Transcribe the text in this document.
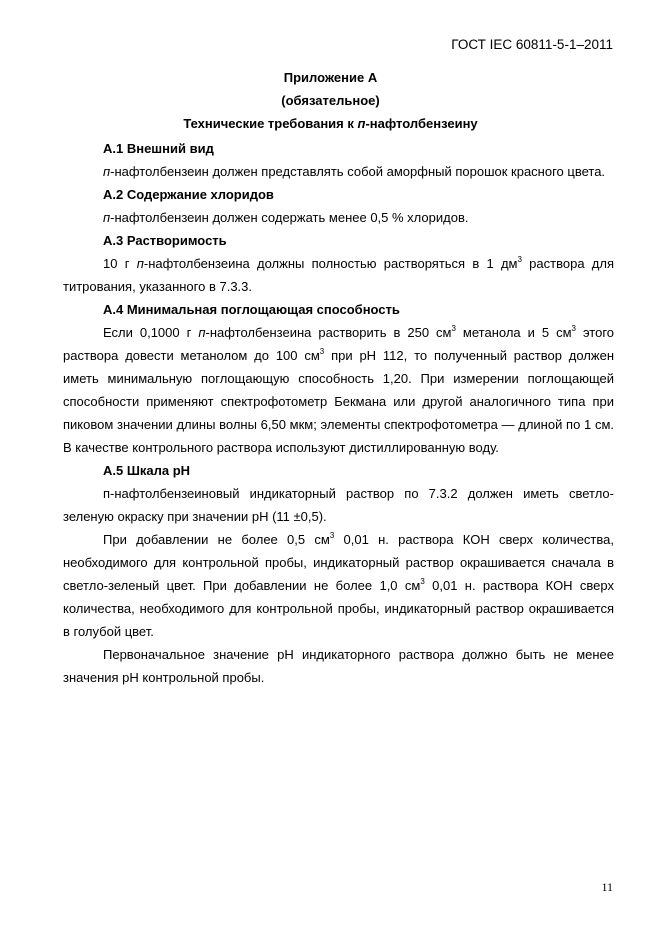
ГОСТ IEC 60811-5-1–2011
Приложение А
(обязательное)
Технические требования к п-нафтолбензеину
А.1 Внешний вид

п-нафтолбензеин должен представлять собой аморфный порошок красного цвета.

А.2 Содержание хлоридов

п-нафтолбензеин должен содержать менее 0,5 % хлоридов.

А.3 Растворимость

10 г п-нафтолбензеина должны полностью растворяться в 1 $дм^3$ раствора для титрования, указанного в 7.3.3.

А.4 Минимальная поглощающая способность

Если 0,1000 г п-нафтолбензеина растворить в 250 $см^3$ метанола и 5 $см^3$ этого раствора довести метанолом до 100 $см^3$ при рН 112, то полученный раствор должен иметь минимальную поглощающую способность 1,20. При измерении поглощающей способности применяют спектрофотометр Бекмана или другой аналогичного типа при пиковом значении длины волны 6,50 мкм; элементы спектрофотометра — длиной по 1 см. В качестве контрольного раствора используют дистиллированную воду.

А.5 Шкала рН

п-нафтолбензеиновый индикаторный раствор по 7.3.2 должен иметь светло-зеленую окраску при значении рН (11 ±0,5).

При добавлении не более 0,5 $см^3$ 0,01 н. раствора КОН сверх количества, необходимого для контрольной пробы, индикаторный раствор окрашивается сначала в светло-зеленый цвет. При добавлении не более 1,0 $см^3$ 0,01 н. раствора КОН сверх количества, необходимого для контрольной пробы, индикаторный раствор окрашивается в голубой цвет.

Первоначальное значение рН индикаторного раствора должно быть не менее значения рН контрольной пробы.

11
